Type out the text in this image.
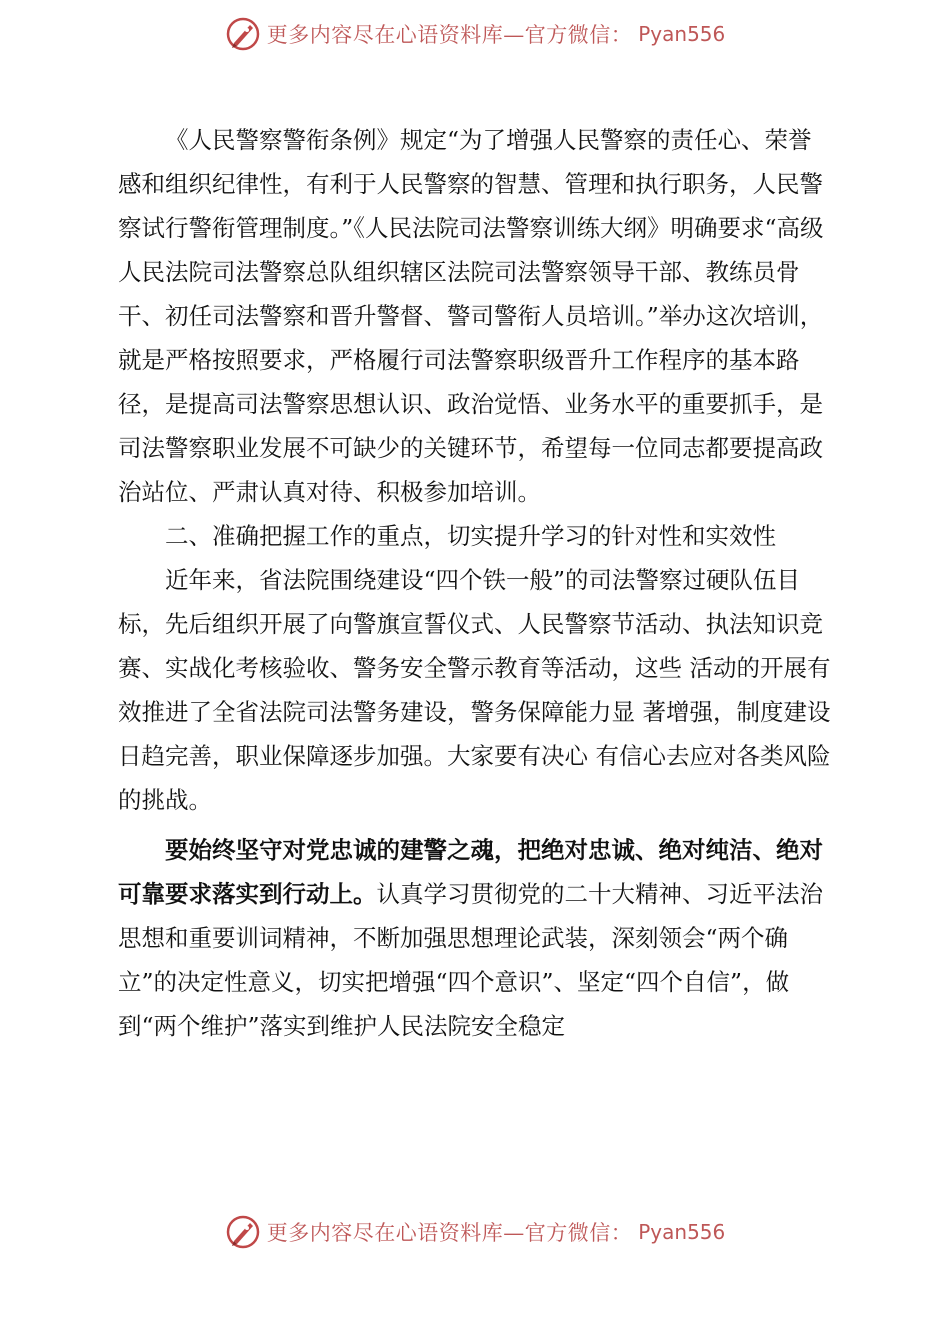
更多内容尽在心语资料库—官方微信： Pyan556

《人民警察警衔条例》规定“为了增强人民警察的责任心、荣誉感和组织纪律性，有利于人民警察的智慧、管理和执行职务，人民警察试行警衔管理制度。”《人民法院司法警察训练大纲》明确要求“高级人民法院司法警察总队组织辖区法院司法警察领导干部、教练员骨干、初任司法警察和晋升警督、警司警衔人员培训。”举办这次培训，就是严格按照要求，严格履行司法警察职级晋升工作程序的基本路径，是提高司法警察思想认识、政治觉悟、业务水平的重要抓手，是司法警察职业发展不可缺少的关键环节，希望每一位同志都要提高政治站位、严肃认真对待、积极参加培训。

二、准确把握工作的重点，切实提升学习的针对性和实效性

近年来，省法院围绕建设“四个铁一般”的司法警察过硬队伍目标，先后组织开展了向警旗宣誓仪式、人民警察节活动、执法知识竞赛、实战化考核验收、警务安全警示教育等活动，这些 活动的开展有效推进了全省法院司法警务建设，警务保障能力显 著增强，制度建设日趋完善，职业保障逐步加强。大家要有决心 有信心去应对各类风险的挑战。

要始终坚守对党忠诚的建警之魂，把绝对忠诚、绝对纯洁、绝对可靠要求落实到行动上。认真学习贯彻党的二十大精神、习近平法治思想和重要训词精神，不断加强思想理论武装，深刻领会“两个确立”的决定性意义，切实把增强“四个意识”、坚定“四个自信”，做到“两个维护”落实到维护人民法院安全稳定

更多内容尽在心语资料库—官方微信： Pyan556
